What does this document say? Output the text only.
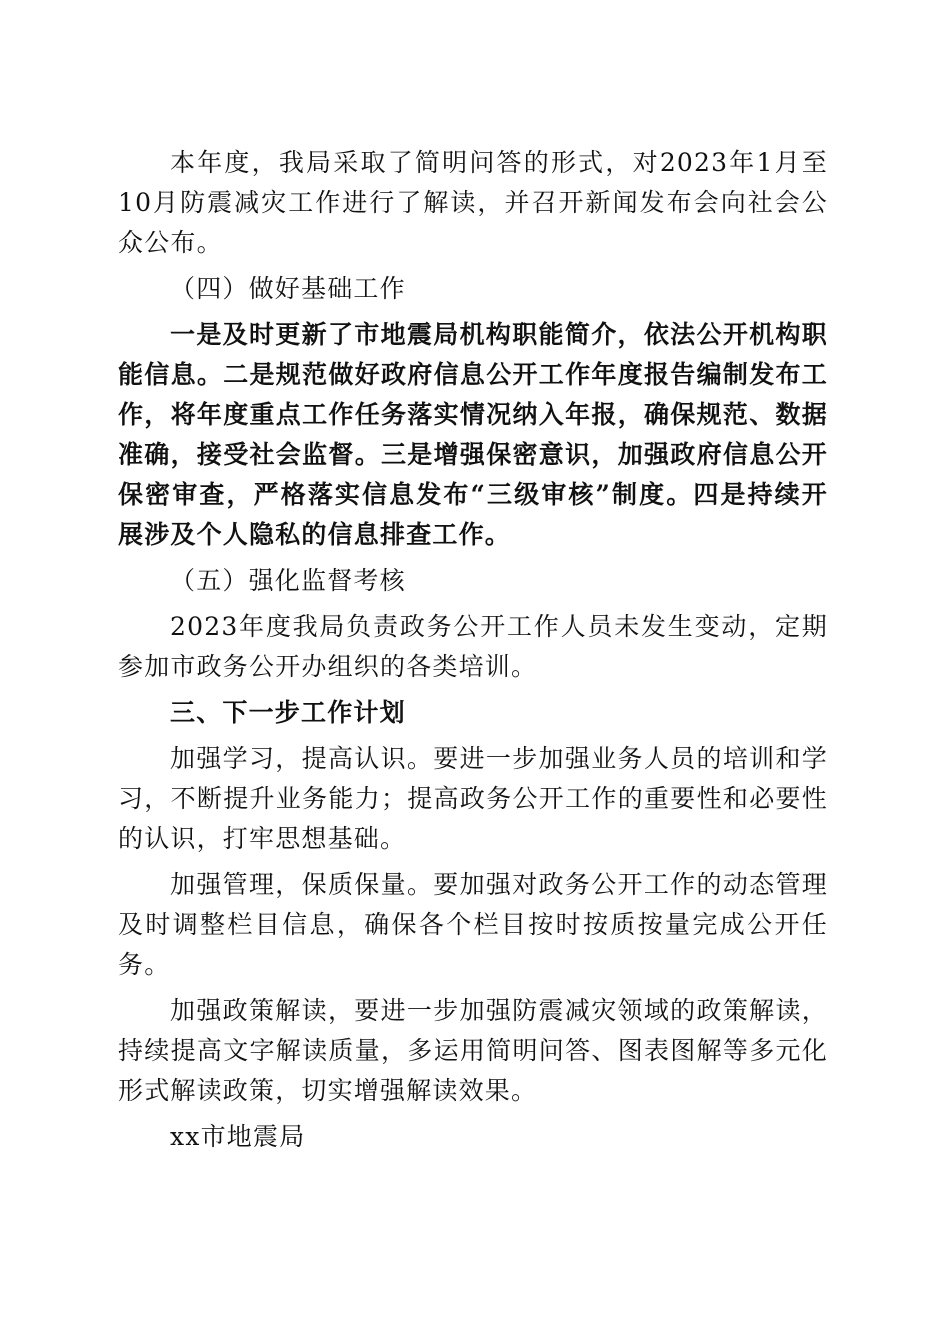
本年度，我局采取了简明问答的形式，对2023年1月至10月防震减灾工作进行了解读，并召开新闻发布会向社会公众公布。

（四）做好基础工作

一是及时更新了市地震局机构职能简介，依法公开机构职能信息。二是规范做好政府信息公开工作年度报告编制发布工作，将年度重点工作任务落实情况纳入年报，确保规范、数据准确，接受社会监督。三是增强保密意识，加强政府信息公开保密审查，严格落实信息发布“三级审核”制度。四是持续开展涉及个人隐私的信息排查工作。

（五）强化监督考核

2023年度我局负责政务公开工作人员未发生变动，定期参加市政务公开办组织的各类培训。

三、下一步工作计划

加强学习，提高认识。要进一步加强业务人员的培训和学习，不断提升业务能力；提高政务公开工作的重要性和必要性的认识，打牢思想基础。

加强管理，保质保量。要加强对政务公开工作的动态管理及时调整栏目信息，确保各个栏目按时按质按量完成公开任务。

加强政策解读，要进一步加强防震减灾领域的政策解读，持续提高文字解读质量，多运用简明问答、图表图解等多元化形式解读政策，切实增强解读效果。

xx市地震局
